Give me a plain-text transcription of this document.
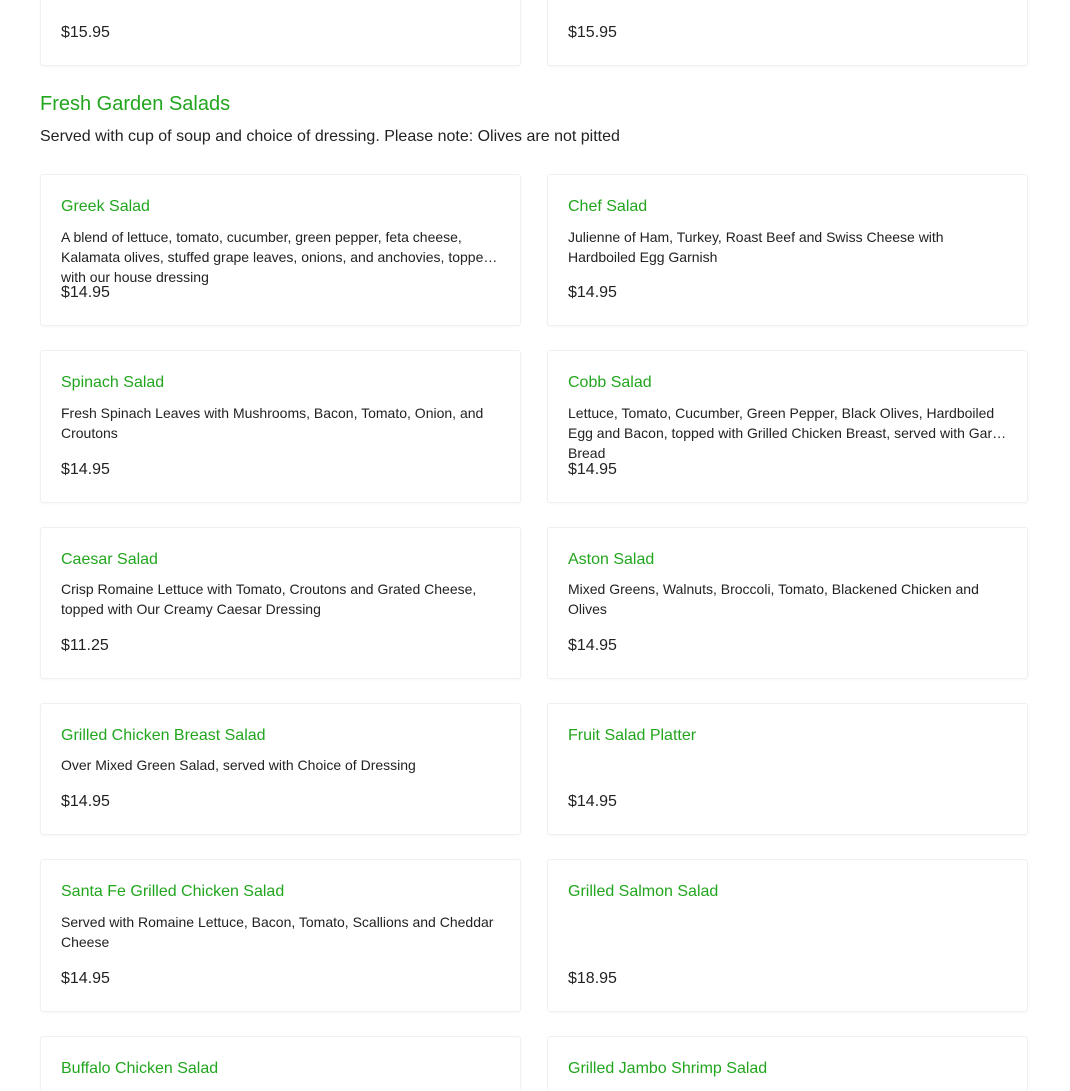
$15.95	$15.95
Fresh Garden Salads
Served with cup of soup and choice of dressing. Please note: Olives are not pitted
Greek Salad
A blend of lettuce, tomato, cucumber, green pepper, feta cheese, Kalamata olives, stuffed grape leaves, onions, and anchovies, topped with our house dressing
$14.95
Chef Salad
Julienne of Ham, Turkey, Roast Beef and Swiss Cheese with Hardboiled Egg Garnish
$14.95
Spinach Salad
Fresh Spinach Leaves with Mushrooms, Bacon, Tomato, Onion, and Croutons
$14.95
Cobb Salad
Lettuce, Tomato, Cucumber, Green Pepper, Black Olives, Hardboiled Egg and Bacon, topped with Grilled Chicken Breast, served with Garlic Bread
$14.95
Caesar Salad
Crisp Romaine Lettuce with Tomato, Croutons and Grated Cheese, topped with Our Creamy Caesar Dressing
$11.25
Aston Salad
Mixed Greens, Walnuts, Broccoli, Tomato, Blackened Chicken and Olives
$14.95
Grilled Chicken Breast Salad
Over Mixed Green Salad, served with Choice of Dressing
$14.95
Fruit Salad Platter
$14.95
Santa Fe Grilled Chicken Salad
Served with Romaine Lettuce, Bacon, Tomato, Scallions and Cheddar Cheese
$14.95
Grilled Salmon Salad
$18.95
Buffalo Chicken Salad	Grilled Jambo Shrimp Salad
